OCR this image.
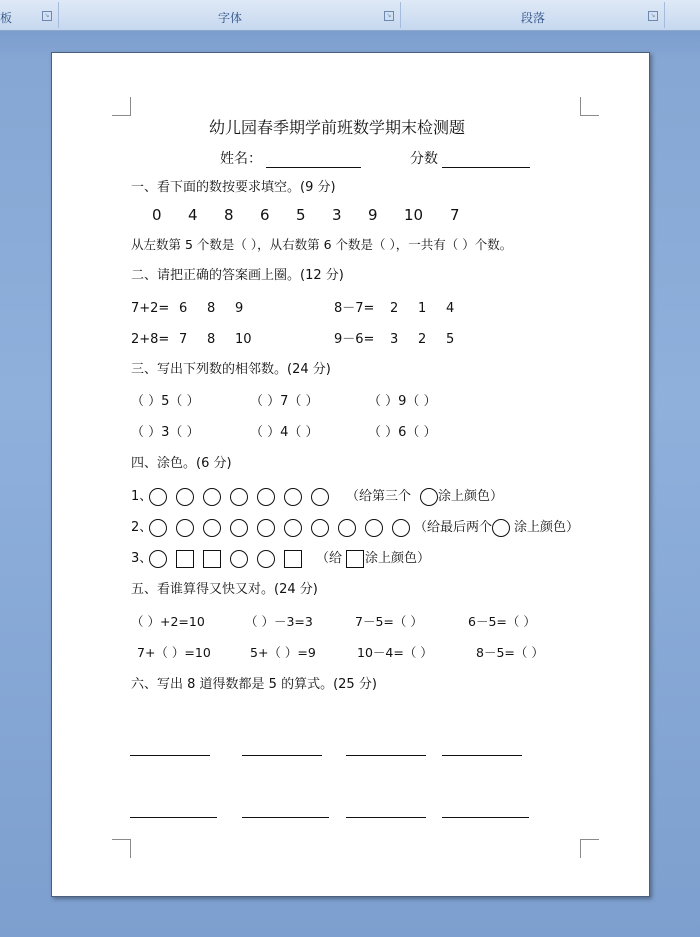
板	↘	字体	↘	段落	↘
幼儿园春季期学前班数学期末检测题
姓名：	分数
一、看下面的数按要求填空。(9 分)
0 4 8 6 5 3 9 10 7
从左数第 5 个数是（ ），从右数第 6 个数是（ ），一共有（ ）个数。
二、请把正确的答案画上圈。(12 分)
7+2= 6 8 9	8－7= 2 1 4
2+8= 7 8 10	9－6= 3 2 5
三、写出下列数的相邻数。(24 分)
（ ）5（ ）	（ ）7（ ）	（ ）9（ ）
（ ）3（ ）	（ ）4（ ）	（ ）6（ ）
四、涂色。(6 分)
1、	（给第三个 涂上颜色）
2、	（给最后两个 涂上颜色）
3、	（给 涂上颜色）
五、看谁算得又快又对。(24 分)
（ ）+2=10	（ ）－3=3	7－5=（ ）	6－5=（ ）
7+（ ）=10	5+（ ）=9	10－4=（ ）	8－5=（ ）
六、写出 8 道得数都是 5 的算式。(25 分)
